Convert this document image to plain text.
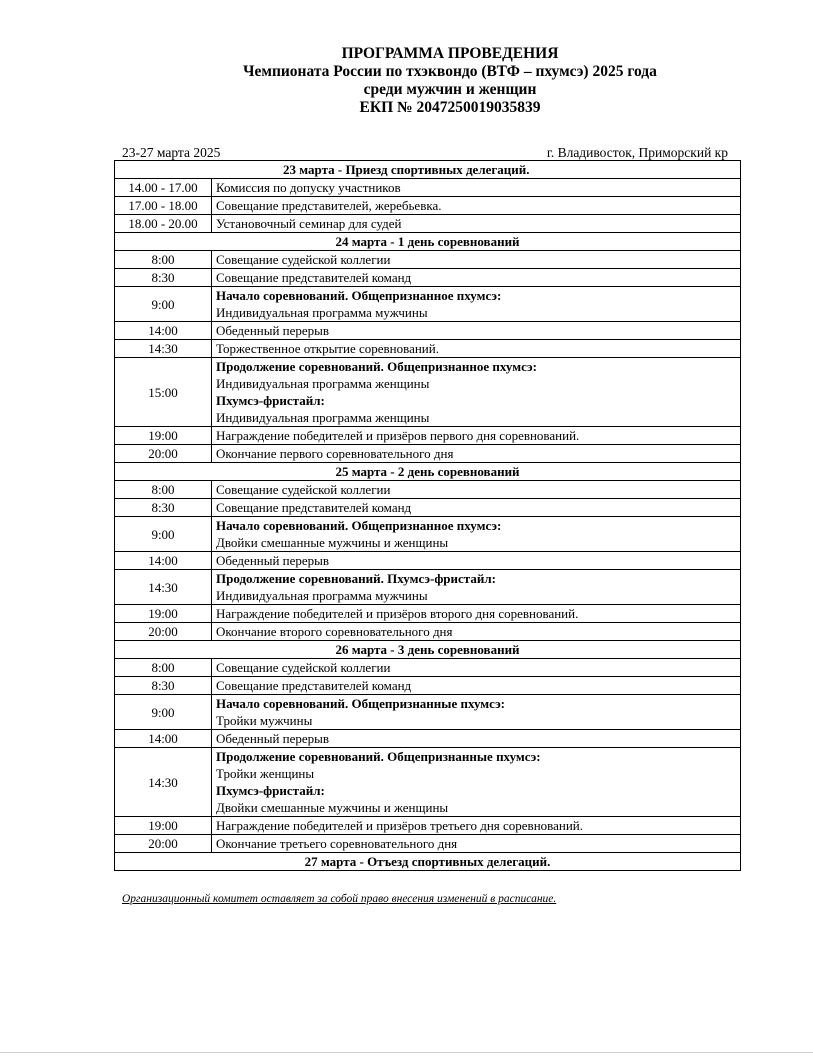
ПРОГРАММА ПРОВЕДЕНИЯ
Чемпионата России по тхэквондо (ВТФ – пхумсэ) 2025 года
среди мужчин и женщин
ЕКП № 2047250019035839
23-27 марта 2025	г. Владивосток, Приморский кр
23 марта - Приезд спортивных делегаций.	
14.00 - 17.00	Комиссия по допуску участников
17.00 - 18.00	Совещание представителей, жеребьевка.
18.00 - 20.00	Установочный семинар для судей
24 марта - 1 день соревнований	
8:00	Совещание судейской коллегии
8:30	Совещание представителей команд
9:00	Начало соревнований. Общепризнанное пхумсэ:
Индивидуальная программа мужчины

14:00	Обеденный перерыв
14:30	Торжественное открытие соревнований.
15:00	Продолжение соревнований. Общепризнанное пхумсэ:
Индивидуальная программа женщины
Пхумсэ-фристайл:
Индивидуальная программа женщины

19:00	Награждение победителей и призёров первого дня соревнований.
20:00	Окончание первого соревновательного дня
25 марта - 2 день соревнований	
8:00	Совещание судейской коллегии
8:30	Совещание представителей команд
9:00	Начало соревнований. Общепризнанное пхумсэ:
Двойки смешанные мужчины и женщины

14:00	Обеденный перерыв
14:30	Продолжение соревнований. Пхумсэ-фристайл:
Индивидуальная программа мужчины

19:00	Награждение победителей и призёров второго дня соревнований.
20:00	Окончание второго соревновательного дня
26 марта - 3 день соревнований	
8:00	Совещание судейской коллегии
8:30	Совещание представителей команд
9:00	Начало соревнований. Общепризнанные пхумсэ:
Тройки мужчины

14:00	Обеденный перерыв
14:30	Продолжение соревнований. Общепризнанные пхумсэ:
Тройки женщины
Пхумсэ-фристайл:
Двойки смешанные мужчины и женщины

19:00	Награждение победителей и призёров третьего дня соревнований.
20:00	Окончание третьего соревновательного дня
27 марта - Отъезд спортивных делегаций.	
Организационный комитет оставляет за собой право внесения изменений в расписание.
